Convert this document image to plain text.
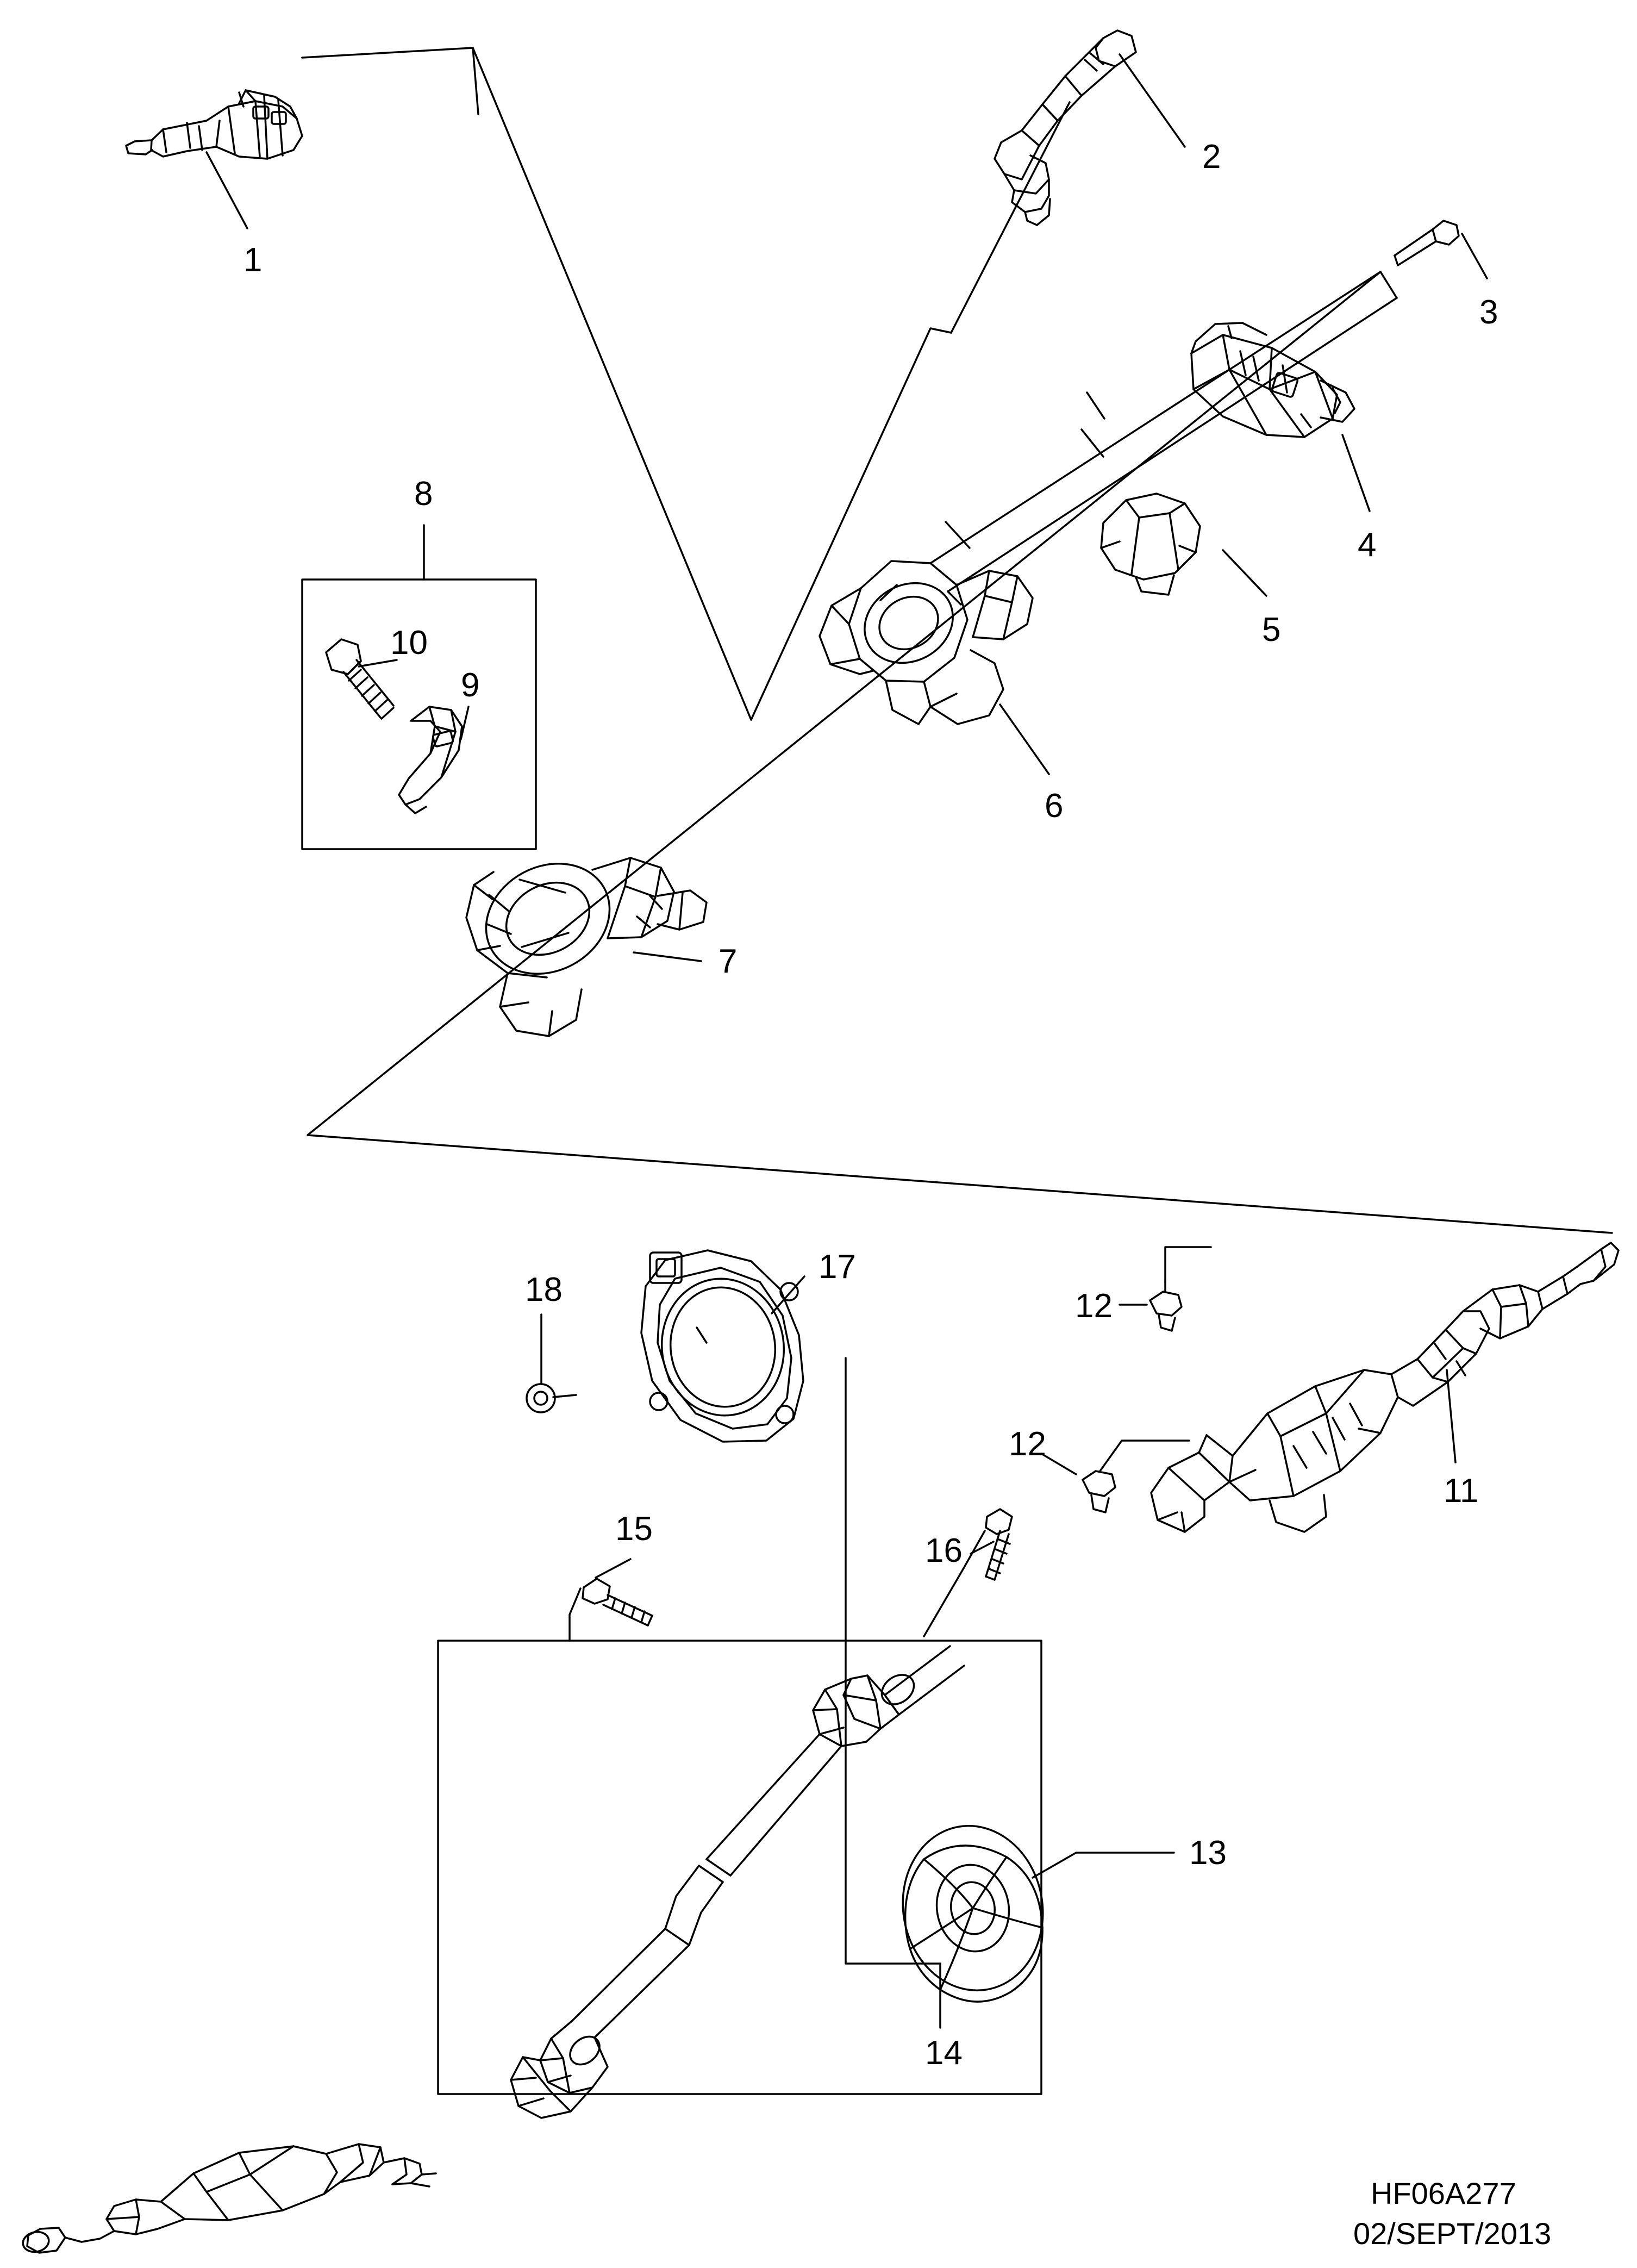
1
2
3
4
5
6
7
8
9
10
11
12
12
13
14
15
16
17
18
HF06A277
02/SEPT/2013
